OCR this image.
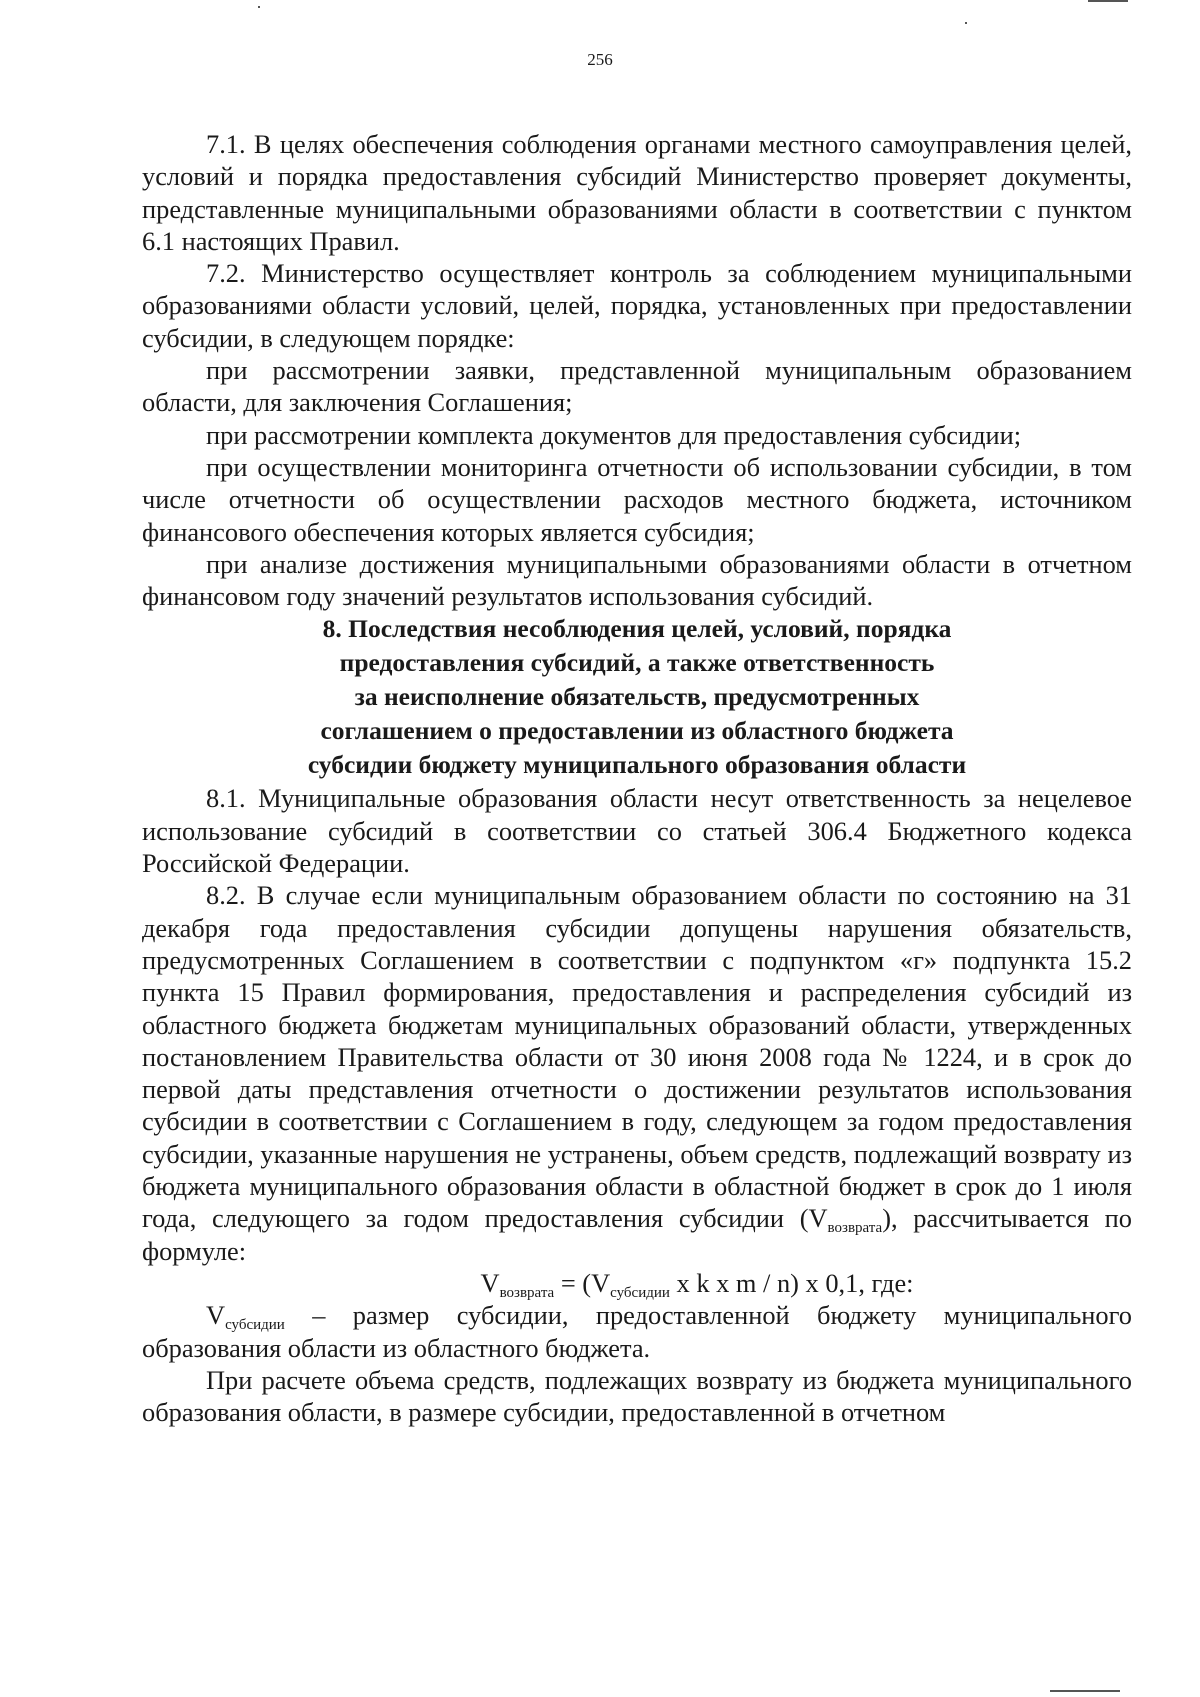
256

7.1. В целях обеспечения соблюдения органами местного самоуправления целей, условий и порядка предоставления субсидий Министерство проверяет документы, представленные муниципальными образованиями области в соответствии с пунктом 6.1 настоящих Правил.

7.2. Министерство осуществляет контроль за соблюдением муниципальными образованиями области условий, целей, порядка, установленных при предоставлении субсидии, в следующем порядке:

при рассмотрении заявки, представленной муниципальным образованием области, для заключения Соглашения;

при рассмотрении комплекта документов для предоставления субсидии;

при осуществлении мониторинга отчетности об использовании субсидии, в том числе отчетности об осуществлении расходов местного бюджета, источником финансового обеспечения которых является субсидия;

при анализе достижения муниципальными образованиями области в отчетном финансовом году значений результатов использования субсидий.

8. Последствия несоблюдения целей, условий, порядка
предоставления субсидий, а также ответственность
за неисполнение обязательств, предусмотренных
соглашением о предоставлении из областного бюджета
субсидии бюджету муниципального образования области

8.1. Муниципальные образования области несут ответственность за нецелевое использование субсидий в соответствии со статьей 306.4 Бюджетного кодекса Российской Федерации.

8.2. В случае если муниципальным образованием области по состоянию на 31 декабря года предоставления субсидии допущены нарушения обязательств, предусмотренных Соглашением в соответствии с подпунктом «г» подпункта 15.2 пункта 15 Правил формирования, предоставления и распределения субсидий из областного бюджета бюджетам муниципальных образований области, утвержденных постановлением Правительства области от 30 июня 2008 года № 1224, и в срок до первой даты представления отчетности о достижении результатов использования субсидии в соответствии с Соглашением в году, следующем за годом предоставления субсидии, указанные нарушения не устранены, объем средств, подлежащий возврату из бюджета муниципального образования области в областной бюджет в срок до 1 июля года, следующего за годом предоставления субсидии $(V_{возврата})$, рассчитывается по формуле:

$V_{возврата} = (V_{субсидии}$ x k x m / n) x 0,1, где:

$V_{субсидии}$ – размер субсидии, предоставленной бюджету муниципального образования области из областного бюджета.

При расчете объема средств, подлежащих возврату из бюджета муниципального образования области, в размере субсидии, предоставленной в отчетном
